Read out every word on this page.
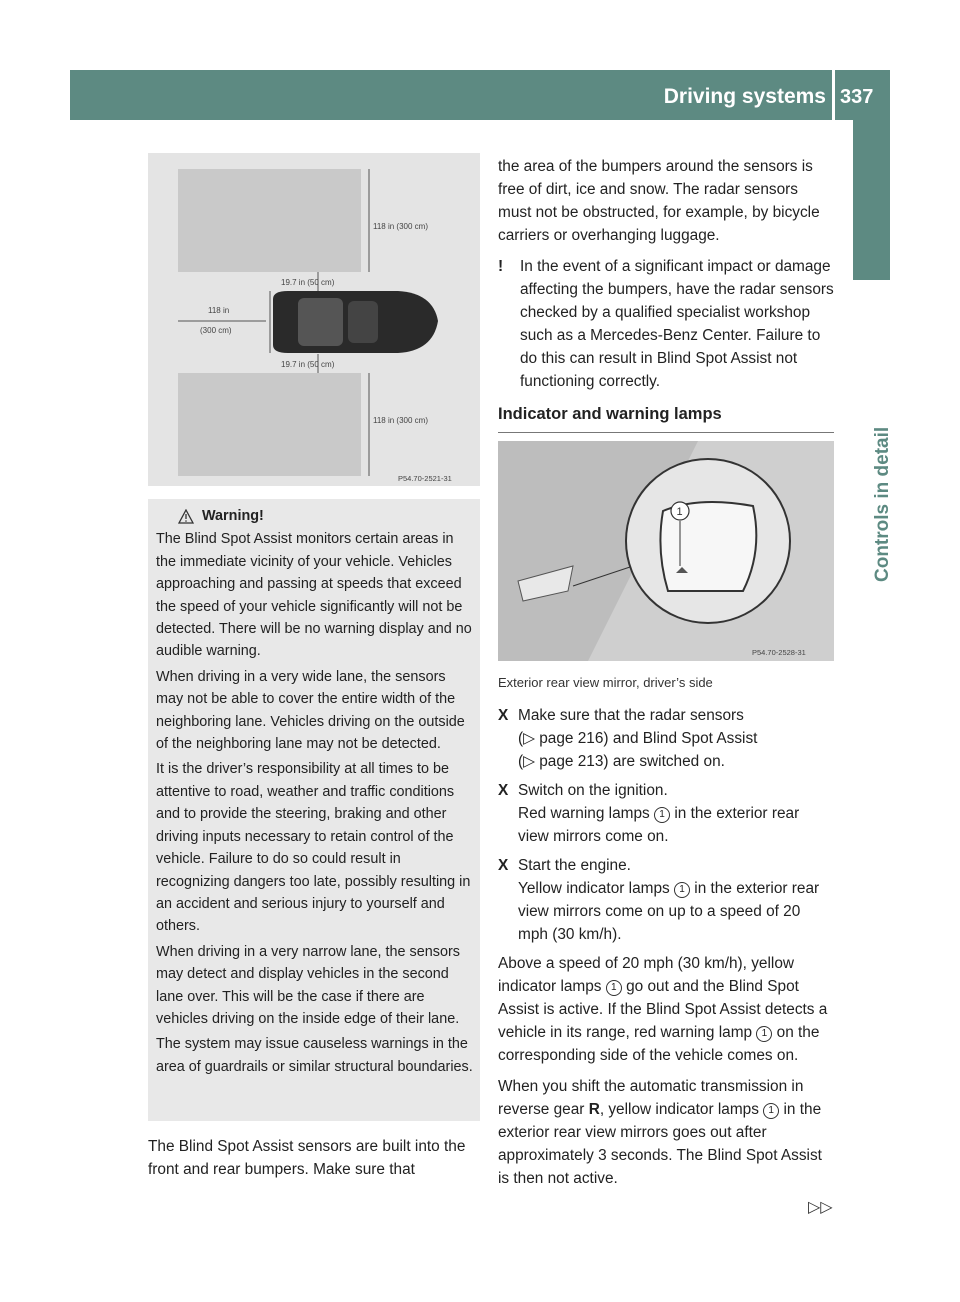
Driving systems 337
Controls in detail
118 in (300 cm)
19.7 in (50 cm)
118 in
(300 cm)
19.7 in (50 cm)
118 in (300 cm)
P54.70-2521-31
Warning!

The Blind Spot Assist monitors certain areas in the immediate vicinity of your vehicle. Vehicles approaching and passing at speeds that exceed the speed of your vehicle significantly will not be detected. There will be no warning display and no audible warning.

When driving in a very wide lane, the sensors may not be able to cover the entire width of the neighboring lane. Vehicles driving on the outside of the neighboring lane may not be detected.

It is the driver’s responsibility at all times to be attentive to road, weather and traffic conditions and to provide the steering, braking and other driving inputs necessary to retain control of the vehicle. Failure to do so could result in recognizing dangers too late, possibly resulting in an accident and serious injury to yourself and others.

When driving in a very narrow lane, the sensors may detect and display vehicles in the second lane over. This will be the case if there are vehicles driving on the inside edge of their lane.

The system may issue causeless warnings in the area of guardrails or similar structural boundaries.

The Blind Spot Assist sensors are built into the front and rear bumpers. Make sure that

the area of the bumpers around the sensors is free of dirt, ice and snow. The radar sensors must not be obstructed, for example, by bicycle carriers or overhanging luggage.

! In the event of a significant impact or damage affecting the bumpers, have the radar sensors checked by a qualified specialist workshop such as a Mercedes-Benz Center. Failure to do this can result in Blind Spot Assist not functioning correctly.

Indicator and warning lamps
1
P54.70-2528-31
Exterior rear view mirror, driver’s side
X Make sure that the radar sensors
(▷ page 216) and Blind Spot Assist
(▷ page 213) are switched on.
X Switch on the ignition.
Red warning lamps 1 in the exterior rear view mirrors come on.
X Start the engine.
Yellow indicator lamps 1 in the exterior rear view mirrors come on up to a speed of 20 mph (30 km/h).

Above a speed of 20 mph (30 km/h), yellow indicator lamps 1 go out and the Blind Spot Assist is active. If the Blind Spot Assist detects a vehicle in its range, red warning lamp 1 on the corresponding side of the vehicle comes on.

When you shift the automatic transmission in reverse gear R, yellow indicator lamps 1 in the exterior rear view mirrors goes out after approximately 3 seconds. The Blind Spot Assist is then not active.

▷▷
